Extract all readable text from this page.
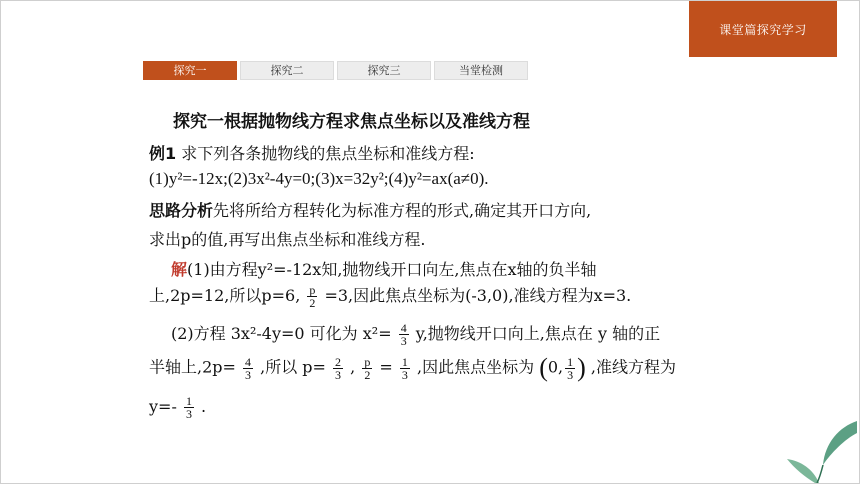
课堂篇探究学习
探究一	探究二	探究三	当堂检测
探究一根据抛物线方程求焦点坐标以及准线方程
例1 求下列各条抛物线的焦点坐标和准线方程:
(1)y²=-12x;(2)3x²-4y=0;(3)x=32y²;(4)y²=ax(a≠0).
思路分析先将所给方程转化为标准方程的形式,确定其开口方向,
求出p的值,再写出焦点坐标和准线方程.
解(1)由方程y²=-12x知,抛物线开口向左,焦点在x轴的负半轴
上,2p=12,所以p=6, $\frac{p}{2} =3$,因此焦点坐标为(-3,0),准线方程为x=3.
(2)方程 3x²-4y=0 可化为 $x^2= \frac{4}{3} y$,抛物线开口向上,焦点在 y 轴的正
半轴上$,2p= \frac{4}{3}$ ,所以 $p= \frac{2}{3}$ , $\frac{p}{2} = \frac{1}{3}$ ,因此焦点坐标为 (0, $\frac{1}{3}$ ) ,准线方程为
$y=- \frac{1}{3}$ .
